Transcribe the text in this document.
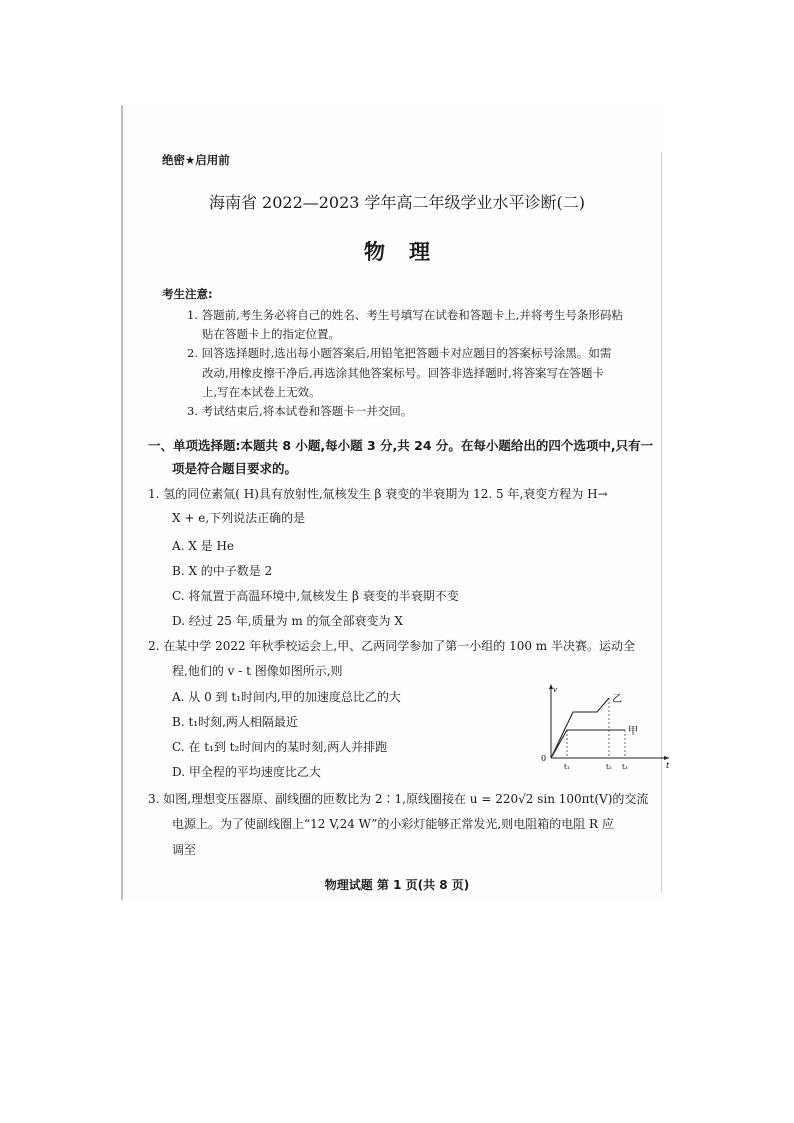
绝密★启用前
海南省 2022—2023 学年高二年级学业水平诊断(二)
物理
考生注意:
1. 答题前,考生务必将自己的姓名、考生号填写在试卷和答题卡上,并将考生号条形码粘
贴在答题卡上的指定位置。
2. 回答选择题时,选出每小题答案后,用铅笔把答题卡对应题目的答案标号涂黑。如需
改动,用橡皮擦干净后,再选涂其他答案标号。回答非选择题时,将答案写在答题卡
上,写在本试卷上无效。
3. 考试结束后,将本试卷和答题卡一并交回。
一、单项选择题:本题共 8 小题,每小题 3 分,共 24 分。在每小题给出的四个选项中,只有一
项是符合题目要求的。
1. 氢的同位素氚( H)具有放射性,氚核发生 β 衰变的半衰期为 12. 5 年,衰变方程为 H→
X + e,下列说法正确的是
A. X 是 He
B. X 的中子数是 2
C. 将氚置于高温环境中,氚核发生 β 衰变的半衰期不变
D. 经过 25 年,质量为 m 的氚全部衰变为 X
2. 在某中学 2022 年秋季校运会上,甲、乙两同学参加了第一小组的 100 m 半决赛。运动全
程,他们的 v - t 图像如图所示,则
A. 从 0 到 t₁时间内,甲的加速度总比乙的大
B. t₁时刻,两人相隔最近
C. 在 t₁到 t₂时间内的某时刻,两人并排跑
D. 甲全程的平均速度比乙大
v
t
0
乙
甲
t₁	t₂ t₃
3. 如图,理想变压器原、副线圈的匝数比为 2∶1,原线圈接在 u = 220√2 sin 100πt(V)的交流
电源上。为了使副线圈上“12 V,24 W”的小彩灯能够正常发光,则电阻箱的电阻 R 应
调至
物理试题 第 1 页(共 8 页)
